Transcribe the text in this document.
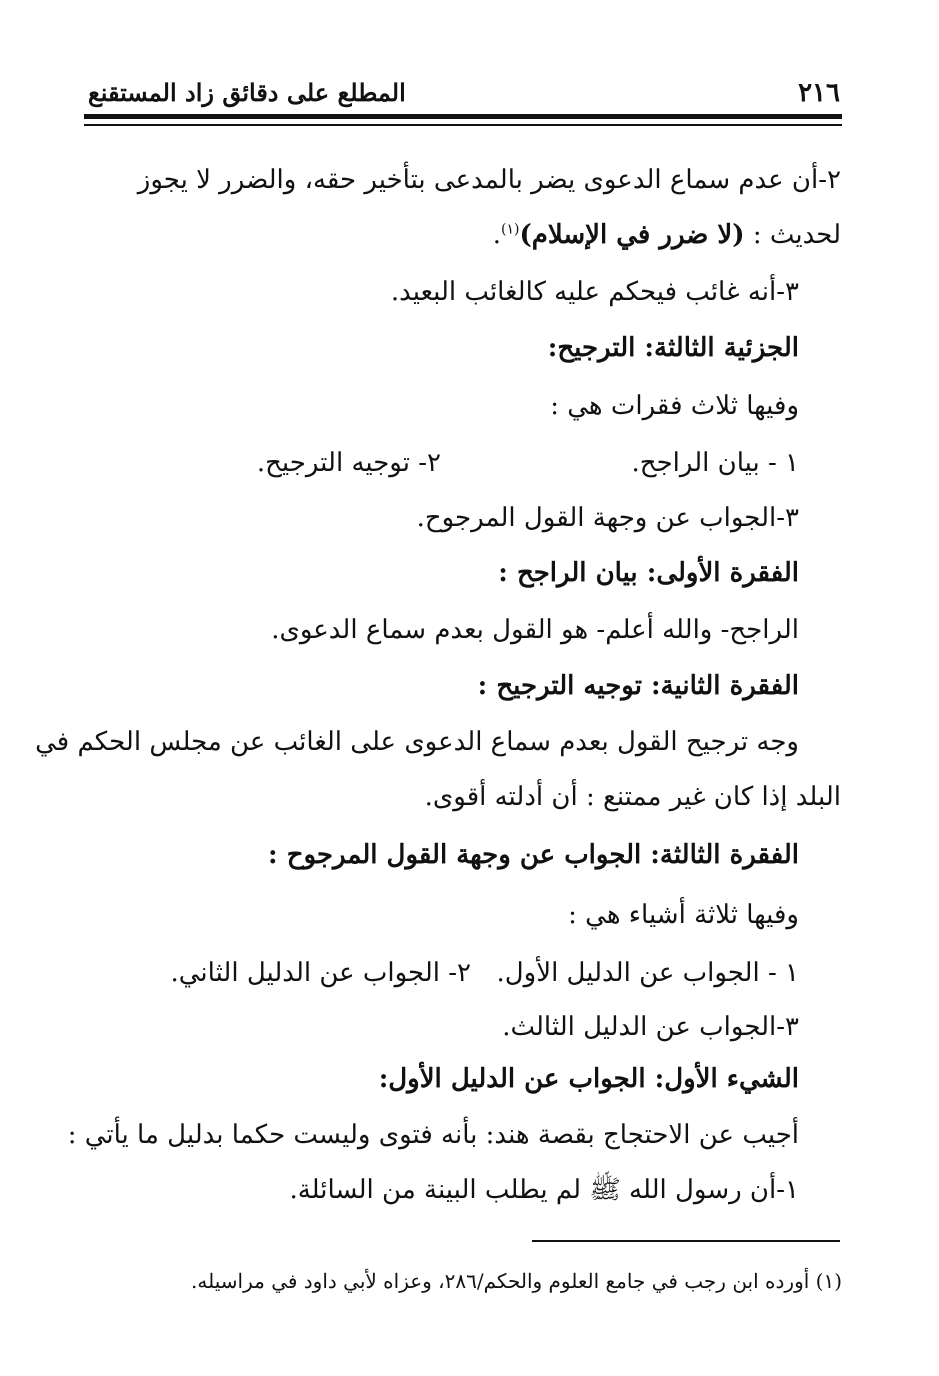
٢١٦
المطلع على دقائق زاد المستقنع
٢-أن عدم سماع الدعوى يضر بالمدعى بتأخير حقه، والضرر لا يجوز
لحديث : (لا ضرر في الإسلام)$^{(١)}$.
٣-أنه غائب فيحكم عليه كالغائب البعيد.
الجزئية الثالثة: الترجيح:
وفيها ثلاث فقرات هي :
١ - بيان الراجح.
٢- توجيه الترجيح.
٣-الجواب عن وجهة القول المرجوح.
الفقرة الأولى: بيان الراجح :
الراجح- والله أعلم- هو القول بعدم سماع الدعوى.
الفقرة الثانية: توجيه الترجيح :
وجه ترجيح القول بعدم سماع الدعوى على الغائب عن مجلس الحكم في
البلد إذا كان غير ممتنع : أن أدلته أقوى.
الفقرة الثالثة: الجواب عن وجهة القول المرجوح :
وفيها ثلاثة أشياء هي :
١ - الجواب عن الدليل الأول.
٢- الجواب عن الدليل الثاني.
٣-الجواب عن الدليل الثالث.
الشيء الأول: الجواب عن الدليل الأول:
أجيب عن الاحتجاج بقصة هند: بأنه فتوى وليست حكما بدليل ما يأتي :
١-أن رسول الله ﷺ لم يطلب البينة من السائلة.
(١) أورده ابن رجب في جامع العلوم والحكم/٢٨٦، وعزاه لأبي داود في مراسيله.
